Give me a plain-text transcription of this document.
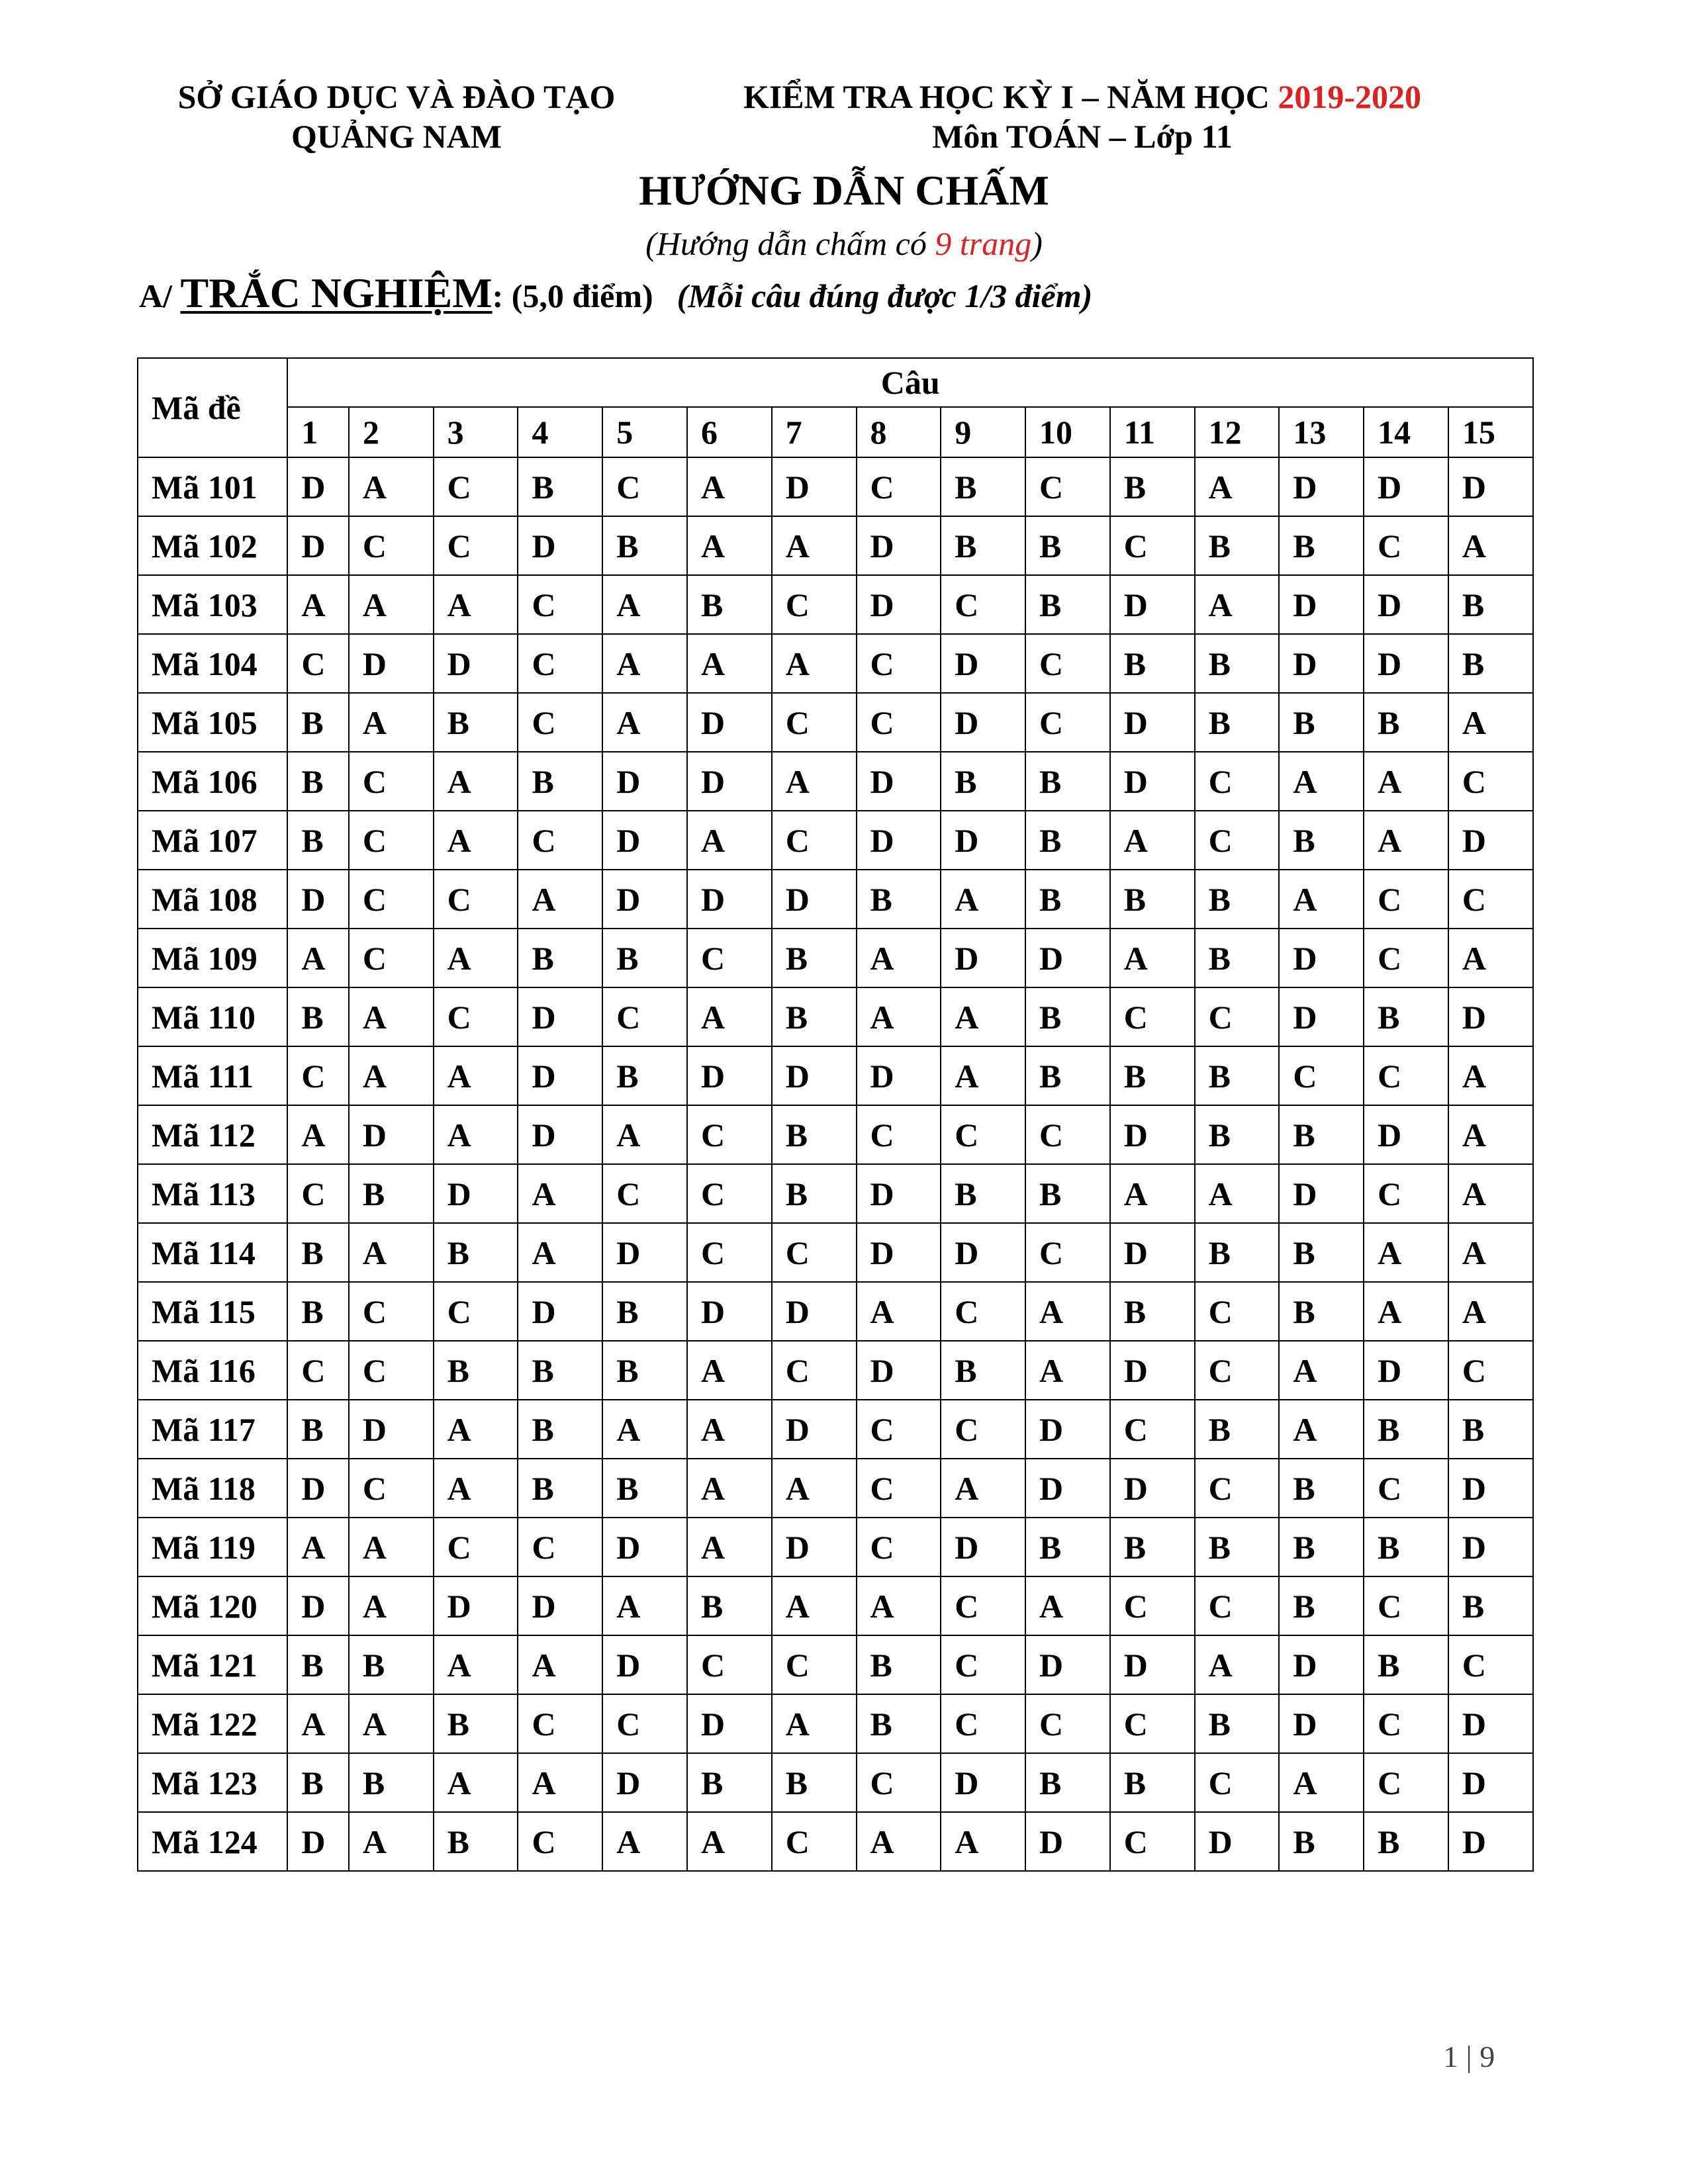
SỞ GIÁO DỤC VÀ ĐÀO TẠO
QUẢNG NAM
KIỂM TRA HỌC KỲ I – NĂM HỌC 2019-2020
Môn TOÁN – Lớp 11
HƯỚNG DẪN CHẤM
(Hướng dẫn chấm có 9 trang)
A/ TRẮC NGHIỆM: (5,0 điểm) (Mỗi câu đúng được 1/3 điểm)
Mã đề	Câu														
	1	2	3	4	5	6	7	8	9	10	11	12	13	14	15
Mã 101	D	A	C	B	C	A	D	C	B	C	B	A	D	D	D
Mã 102	D	C	C	D	B	A	A	D	B	B	C	B	B	C	A
Mã 103	A	A	A	C	A	B	C	D	C	B	D	A	D	D	B
Mã 104	C	D	D	C	A	A	A	C	D	C	B	B	D	D	B
Mã 105	B	A	B	C	A	D	C	C	D	C	D	B	B	B	A
Mã 106	B	C	A	B	D	D	A	D	B	B	D	C	A	A	C
Mã 107	B	C	A	C	D	A	C	D	D	B	A	C	B	A	D
Mã 108	D	C	C	A	D	D	D	B	A	B	B	B	A	C	C
Mã 109	A	C	A	B	B	C	B	A	D	D	A	B	D	C	A
Mã 110	B	A	C	D	C	A	B	A	A	B	C	C	D	B	D
Mã 111	C	A	A	D	B	D	D	D	A	B	B	B	C	C	A
Mã 112	A	D	A	D	A	C	B	C	C	C	D	B	B	D	A
Mã 113	C	B	D	A	C	C	B	D	B	B	A	A	D	C	A
Mã 114	B	A	B	A	D	C	C	D	D	C	D	B	B	A	A
Mã 115	B	C	C	D	B	D	D	A	C	A	B	C	B	A	A
Mã 116	C	C	B	B	B	A	C	D	B	A	D	C	A	D	C
Mã 117	B	D	A	B	A	A	D	C	C	D	C	B	A	B	B
Mã 118	D	C	A	B	B	A	A	C	A	D	D	C	B	C	D
Mã 119	A	A	C	C	D	A	D	C	D	B	B	B	B	B	D
Mã 120	D	A	D	D	A	B	A	A	C	A	C	C	B	C	B
Mã 121	B	B	A	A	D	C	C	B	C	D	D	A	D	B	C
Mã 122	A	A	B	C	C	D	A	B	C	C	C	B	D	C	D
Mã 123	B	B	A	A	D	B	B	C	D	B	B	C	A	C	D
Mã 124	D	A	B	C	A	A	C	A	A	D	C	D	B	B	D
1 | 9
